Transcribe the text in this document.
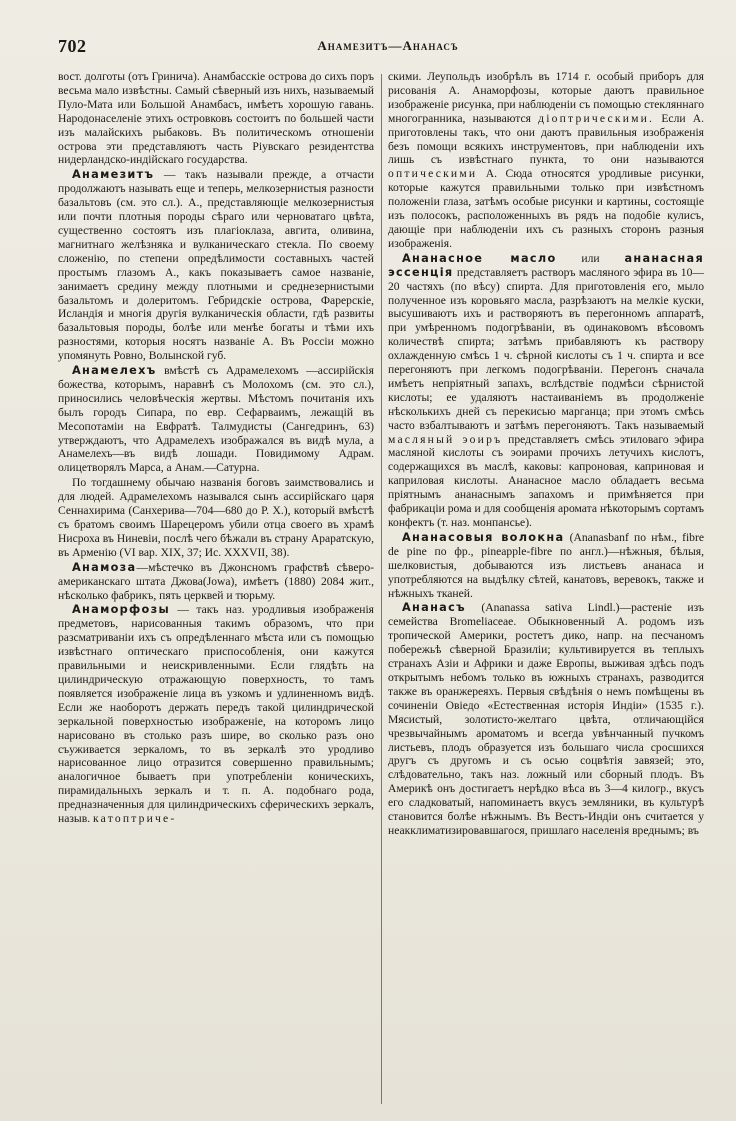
702	Анамезитъ—Ананасъ

вост. долготы (отъ Гринича). Анамбасскіе острова до сихъ поръ весьма мало извѣстны. Самый сѣверный изъ нихъ, называемый Пуло-Мата или Большой Анамбасъ, имѣетъ хорошую гавань. Народонаселеніе этихъ островковъ состоитъ по большей части изъ малайскихъ рыбаковъ. Въ политическомъ отношеніи острова эти представляютъ часть Ріувскаго резидентства нидерландско-индійскаго государства.

Анамезитъ — такъ называли прежде, а отчасти продолжаютъ называть еще и теперь, мелкозернистыя разности базальтовъ (см. это сл.). А., представляющіе мелкозернистыя или почти плотныя породы сѣраго или черноватаго цвѣта, существенно состоятъ изъ плагіоклаза, авгита, оливина, магнитнаго желѣзняка и вулканическаго стекла. По своему сложенію, по степени опредѣлимости составныхъ частей простымъ глазомъ А., какъ показываетъ самое названіе, занимаетъ средину между плотными и среднезернистыми базальтомъ и долеритомъ. Гебридскіе острова, Фарерскіе, Исландія и многія другія вулканическія области, гдѣ развиты базальтовыя породы, болѣе или менѣе богаты и тѣми ихъ разностями, которыя носятъ названіе А. Въ Россіи можно упомянуть Ровно, Волынской губ.

Анамелехъ вмѣстѣ съ Адрамелехомъ —ассирійскія божества, которымъ, наравнѣ съ Молохомъ (см. это сл.), приносились человѣческія жертвы. Мѣстомъ почитанія ихъ былъ городъ Сипара, по евр. Сефарваимъ, лежащій въ Месопотаміи на Евфратѣ. Талмудисты (Сангедринъ, 63) утверждаютъ, что Адрамелехъ изображался въ видѣ мула, а Анамелехъ—въ видѣ лошади. Повидимому Адрам. олицетворялъ Марса, а Анам.—Сатурна.

По тогдашнему обычаю названія боговъ заимствовались и для людей. Адрамелехомъ назывался сынъ ассирійскаго царя Сеннахирима (Санхерива—704—680 до Р. Х.), который вмѣстѣ съ братомъ своимъ Шарецеромъ убили отца своего въ храмѣ Нисроха въ Ниневіи, послѣ чего бѣжали въ страну Араратскую, въ Арменію (VI вар. XIX, 37; Ис. XXXVII, 38).

Анамоза—мѣстечко въ Джонсномъ графствѣ сѣверо-американскаго штата Джова(Jowa), имѣетъ (1880) 2084 жит., нѣсколько фабрикъ, пять церквей и тюрьму.

Анаморфозы — такъ наз. уродливыя изображенія предметовъ, нарисованныя такимъ образомъ, что при разсматриваніи ихъ съ опредѣленнаго мѣста или съ помощью извѣстнаго оптическаго приспособленія, они кажутся правильными и неискривленными. Если глядѣть на цилиндрическую отражающую поверхность, то тамъ появляется изображеніе лица въ узкомъ и удлиненномъ видѣ. Если же наоборотъ держать передъ такой цилиндрической зеркальной поверхностью изображеніе, на которомъ лицо нарисовано въ столько разъ шире, во сколько разъ оно съуживается зеркаломъ, то въ зеркалѣ это уродливо нарисованное лицо отразится совершенно правильнымъ; аналогичное бываетъ при употребленіи коническихъ, пирамидальныхъ зеркалъ и т. п. А. подобнаго рода, предназначенныя для цилиндрическихъ сферическихъ зеркалъ, назыв. катоптриче-

скими. Леупольдъ изобрѣлъ въ 1714 г. особый приборъ для рисованія А. Анаморфозы, которые даютъ правильное изображеніе рисунка, при наблюденіи съ помощью стекляннаго многогранника, называются діоптрическими. Если А. приготовлены такъ, что они даютъ правильныя изображенія безъ помощи всякихъ инструментовъ, при наблюденіи ихъ лишь съ извѣстнаго пункта, то они называются оптическими А. Сюда относятся уродливые рисунки, которые кажутся правильными только при извѣстномъ положеніи глаза, затѣмъ особые рисунки и картины, состоящіе изъ полосокъ, расположенныхъ въ рядъ на подобіе кулисъ, дающіе при наблюденіи ихъ съ разныхъ сторонъ разныя изображенія.

Ананасное масло или ананасная эссенція представляетъ растворъ масляного эфира въ 10—20 частяхъ (по вѣсу) спирта. Для приготовленія его, мыло полученное изъ коровьяго масла, разрѣзаютъ на мелкіе куски, высушиваютъ ихъ и растворяютъ въ перегонномъ аппаратѣ, при умѣренномъ подогрѣваніи, въ одинаковомъ вѣсовомъ количествѣ спирта; затѣмъ прибавляютъ къ раствору охлажденную смѣсь 1 ч. сѣрной кислоты съ 1 ч. спирта и все перегоняютъ при легкомъ подогрѣваніи. Перегонъ сначала имѣетъ непріятный запахъ, вслѣдствіе подмѣси сѣрнистой кислоты; ее удаляютъ настаиваніемъ въ продолженіе нѣсколькихъ дней съ перекисью марганца; при этомъ смѣсь часто взбалтываютъ и затѣмъ перегоняютъ. Такъ называемый масляный эоиръ представляетъ смѣсь этиловаго эфира масляной кислоты съ эоирами прочихъ летучихъ кислотъ, содержащихся въ маслѣ, каковы: капроновая, каприновая и каприловая кислоты. Ананасное масло обладаетъ весьма пріятнымъ ананаснымъ запахомъ и примѣняется при фабрикаціи рома и для сообщенія аромата нѣкоторымъ сортамъ конфектъ (т. наз. монпансье).

Ананасовыя волокна (Ananasbanf по нѣм., fibre de pine по фр., pineapple-fibre по англ.)—нѣжныя, бѣлыя, шелковистыя, добываются изъ листьевъ ананаса и употребляются на выдѣлку сѣтей, канатовъ, веревокъ, также и нѣжныхъ тканей.

Ананасъ (Ananassa sativa Lindl.)—растеніе изъ семейства Bromeliaceae. Обыкновенный А. родомъ изъ тропической Америки, ростетъ дико, напр. на песчаномъ побережьѣ сѣверной Бразиліи; культивируется въ теплыхъ странахъ Азіи и Африки и даже Европы, выживая здѣсь подъ открытымъ небомъ только въ южныхъ странахъ, разводится также въ оранжереяхъ. Первыя свѣдѣнія о немъ помѣщены въ сочиненіи Овіедо «Естественная исторія Индіи» (1535 г.). Мясистый, золотисто-желтаго цвѣта, отличающійся чрезвычайнымъ ароматомъ и всегда увѣнчанный пучкомъ листьевъ, плодъ образуется изъ большаго числа сросшихся другъ съ другомъ и съ осью соцвѣтія завязей; это, слѣдовательно, такъ наз. ложный или сборный плодъ. Въ Америкѣ онъ достигаетъ нерѣдко вѣса въ 3—4 килогр., вкусъ его сладковатый, напоминаетъ вкусъ земляники, въ культурѣ становится болѣе нѣжнымъ. Въ Вестъ-Индіи онъ считается у неакклиматизировавшагося, пришлаго населенія вреднымъ; въ
